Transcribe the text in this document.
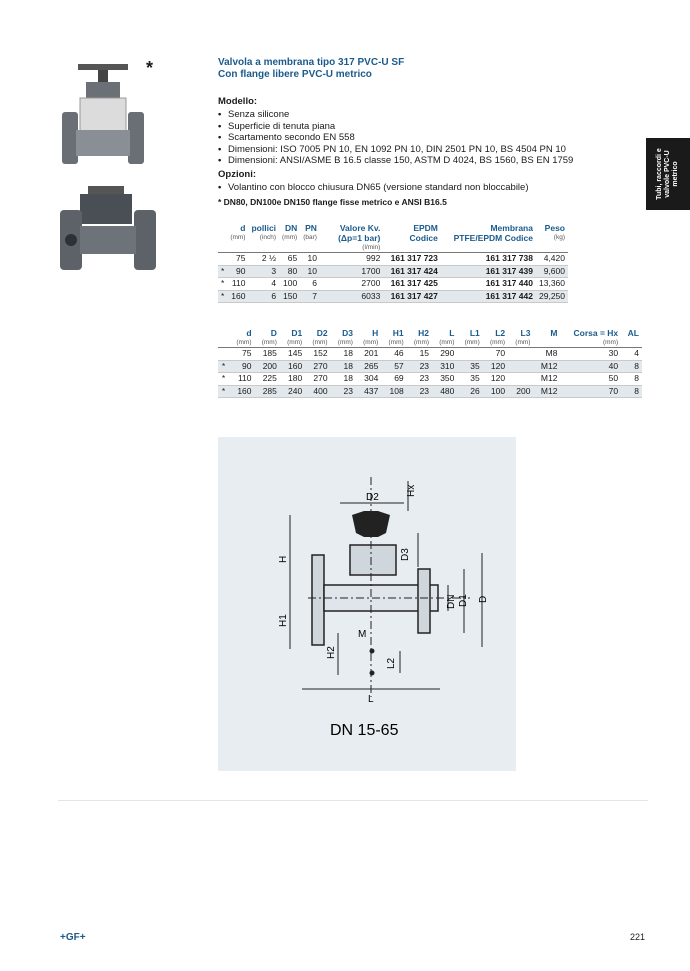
*	Valvola a membrana tipo 317 PVC-U SF
Con flange libere PVC-U metrico
Modello:
• Senza silicone
• Superficie di tenuta piana
• Scartamento secondo EN 558
• Dimensioni: ISO 7005 PN 10, EN 1092 PN 10, DIN 2501 PN 10, BS 4504 PN 10
• Dimensioni: ANSI/ASME B 16.5 classe 150, ASTM D 4024, BS 1560, BS EN 1759
Opzioni:
• Volantino con blocco chiusura DN65 (versione standard non bloccabile)
* DN80, DN100e DN150 flange fisse metrico e ANSI B16.5
Tubi, raccordi e valvole PVC-U metrico
	d
(mm)	pollici
(inch)	DN
(mm)	PN
(bar)	Valore Kv. (Δp=1 bar)
(l/min)	EPDM Codice	Membrana PTFE/EPDM Codice	Peso
(kg)

	75	2 ½	65	10	992	161 317 723	161 317 738	4,420
*	90	3	80	10	1700	161 317 424	161 317 439	9,600
*	110	4	100	6	2700	161 317 425	161 317 440	13,360
*	160	6	150	7	6033	161 317 427	161 317 442	29,250
	d
(mm)	D
(mm)	D1
(mm)	D2
(mm)	D3
(mm)	H
(mm)	H1
(mm)	H2
(mm)	L
(mm)	L1
(mm)	L2
(mm)	L3
(mm)	M	Corsa = Hx
(mm)	AL

	75	185	145	152	18	201	46	15	290		70		M8	30	4
*	90	200	160	270	18	265	57	23	310	35	120		M12	40	8
*	110	225	180	270	18	304	69	23	350	35	120		M12	50	8
*	160	285	240	400	23	437	108	23	480	26	100	200	M12	70	8
D2
Hx
D3
H
H1
H2
M
L2
L
DN D1 D
DN 15-65
+GF+	221
